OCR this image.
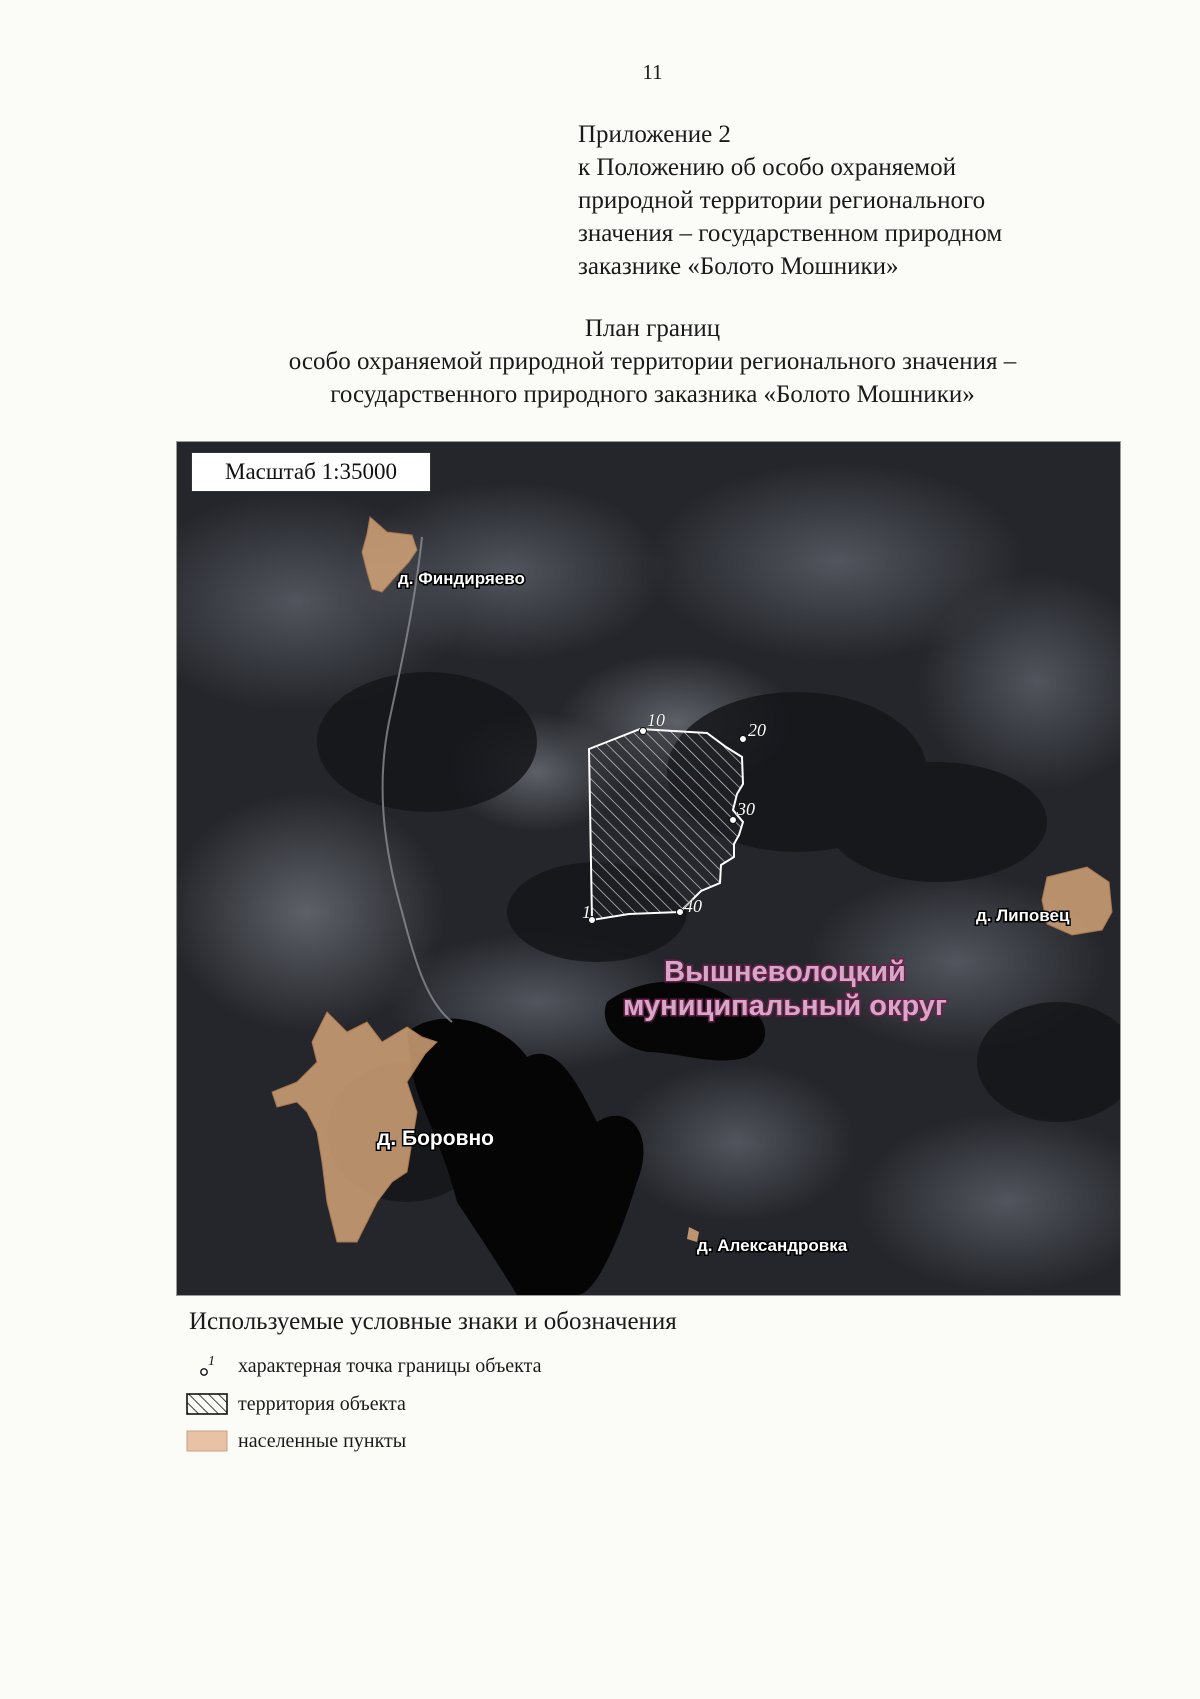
11
Приложение 2
к Положению об особо охраняемой
природной территории регионального
значения – государственном природном
заказнике «Болото Мошники»
План границ
особо охраняемой природной территории регионального значения –
государственного природного заказника «Болото Мошники»
1
10	20
30
40
д. Финдиряево
д. Липовец
д. Боровно
д. Александровка
Вышневолоцкий
муниципальный округ
Масштаб 1:35000
Используемые условные знаки и обозначения
1 характерная точка границы объекта
территория объекта
населенные пункты
